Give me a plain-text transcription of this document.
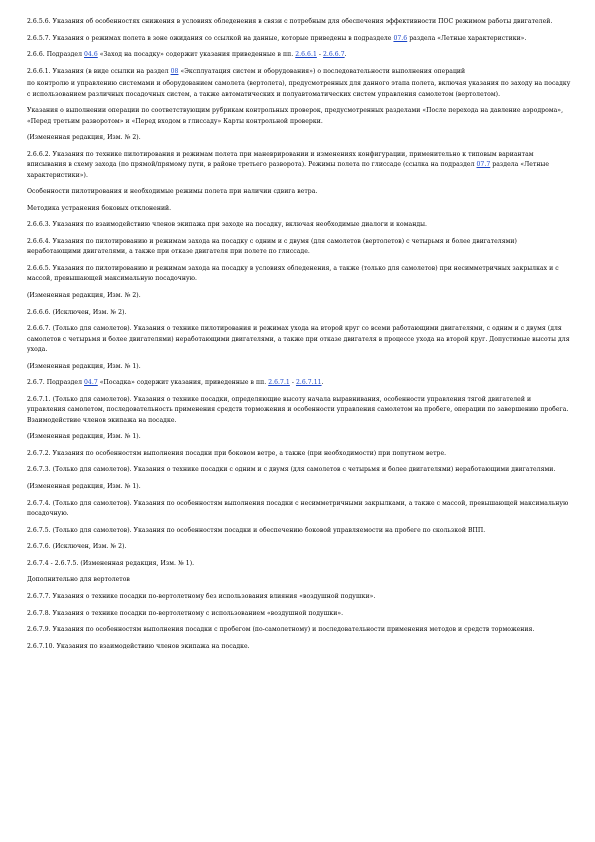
2.6.5.6. Указания об особенностях снижения в условиях обледенения в связи с потребным для обеспечения эффективности ПОС режимом работы двигателей.

2.6.5.7. Указания о режимах полета в зоне ожидания со ссылкой на данные, которые приведены в подразделе 07.6 раздела «Летные характеристики».

2.6.6. Подраздел 04.6 «Заход на посадку» содержит указания приведенные в пп. 2.6.6.1 - 2.6.6.7.

2.6.6.1. Указания (в виде ссылки на раздел 08 «Эксплуатация систем и оборудования») о последовательности выполнения операций

по контролю и управлению системами и оборудованием самолета (вертолета), предусмотренных для данного этапа полета, включая указания по заходу на посадку с использованием различных посадочных систем, а также автоматических и полуавтоматических систем управления самолетом (вертолетом).

Указания о выполнении операции по соответствующим рубрикам контрольных проверок, предусмотренных разделами «После перехода на давление аэродрома», «Перед третьим разворотом» и «Перед входом в глиссаду» Карты контрольной проверки.

(Измененная редакция, Изм. № 2).

2.6.6.2. Указания по технике пилотирования и режимам полета при маневрировании и изменениях конфигурации, применительно к типовым вариантам вписывания в схему захода (по прямой/прямому пути, в районе третьего разворота). Режимы полета по глиссаде (ссылка на подраздел 07.7 раздела «Летные характеристики»).

Особенности пилотирования и необходимые режимы полета при наличии сдвига ветра.

Методика устранения боковых отклонений.

2.6.6.3. Указания по взаимодействию членов экипажа при заходе на посадку, включая необходимые диалоги и команды.

2.6.6.4. Указания по пилотированию и режимам захода на посадку с одним и с двумя (для самолетов (вертолетов) с четырьмя и более двигателями) неработающими двигателями, а также при отказе двигателя при полете по глиссаде.

2.6.6.5. Указания по пилотированию и режимам захода на посадку в условиях обледенения, а также (только для самолетов) при несимметричных закрылках и с массой, превышающей максимальную посадочную.

(Измененная редакция, Изм. № 2).

2.6.6.6. (Исключен, Изм. № 2).

2.6.6.7. (Только для самолетов). Указания о технике пилотирования и режимах ухода на второй круг со всеми работающими двигателями, с одним и с двумя (для самолетов с четырьмя и более двигателями) неработающими двигателями, а также при отказе двигателя в процессе ухода на второй круг. Допустимые высоты для ухода.

(Измененная редакция, Изм. № 1).

2.6.7. Подраздел 04.7 «Посадка» содержит указания, приведенные в пп. 2.6.7.1 - 2.6.7.11.

2.6.7.1. (Только для самолетов). Указания о технике посадки, определяющие высоту начала выравнивания, особенности управления тягой двигателей и управления самолетом, последовательность применения средств торможения и особенности управления самолетом на пробеге, операции по завершению пробега. Взаимодействие членов экипажа на посадке.

(Измененная редакция, Изм. № 1).

2.6.7.2. Указания по особенностям выполнения посадки при боковом ветре, а также (при необходимости) при попутном ветре.

2.6.7.3. (Только для самолетов). Указания о технике посадки с одним и с двумя (для самолетов с четырьмя и более двигателями) неработающими двигателями.

(Измененная редакция, Изм. № 1).

2.6.7.4. (Только для самолетов). Указания по особенностям выполнения посадки с несимметричными закрылками, а также с массой, превышающей максимальную посадочную.

2.6.7.5. (Только для самолетов). Указания по особенностям посадки и обеспечению боковой управляемости на пробеге по скользкой ВПП.

2.6.7.6. (Исключен, Изм. № 2).

2.6.7.4 - 2.6.7.5. (Измененная редакция, Изм. № 1).

Дополнительно для вертолетов

2.6.7.7. Указания о технике посадки по-вертолетному без использования влияния «воздушной подушки».

2.6.7.8. Указания о технике посадки по-вертолетному с использованием «воздушной подушки».

2.6.7.9. Указания по особенностям выполнения посадки с пробегом (по-самолетному) и последовательности применения методов и средств торможения.

2.6.7.10. Указания по взаимодействию членов экипажа на посадке.
